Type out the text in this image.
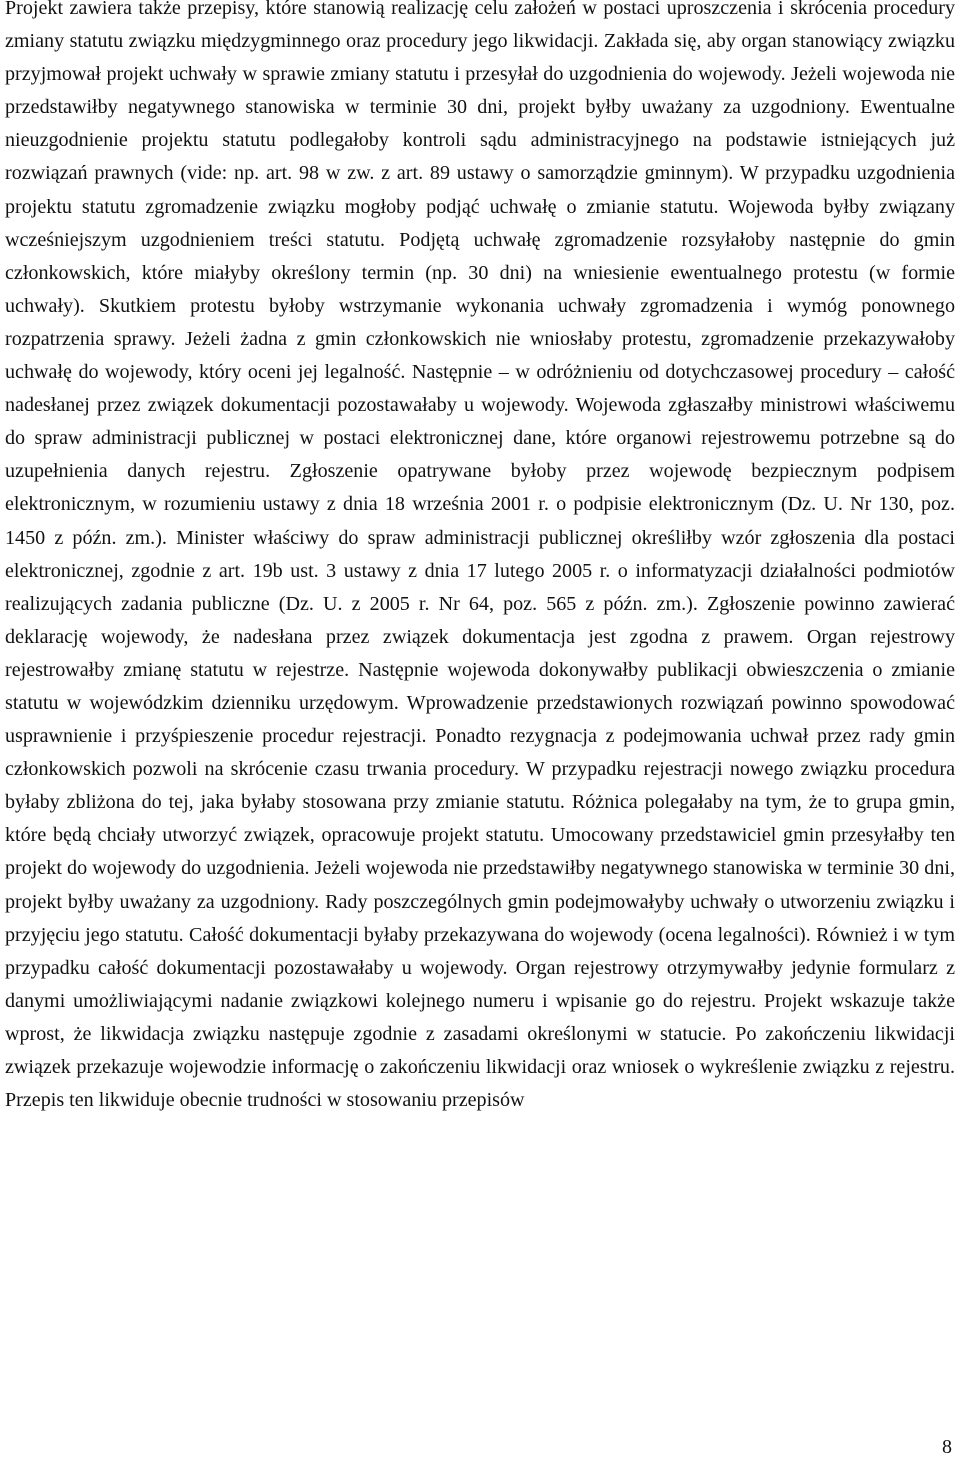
Projekt zawiera także przepisy, które stanowią realizację celu założeń w postaci uproszczenia i skrócenia procedury zmiany statutu związku międzygminnego oraz procedury jego likwidacji. Zakłada się, aby organ stanowiący związku przyjmował projekt uchwały w sprawie zmiany statutu i przesyłał do uzgodnienia do wojewody. Jeżeli wojewoda nie przedstawiłby negatywnego stanowiska w terminie 30 dni, projekt byłby uważany za uzgodniony. Ewentualne nieuzgodnienie projektu statutu podlegałoby kontroli sądu administracyjnego na podstawie istniejących już rozwiązań prawnych (vide: np. art. 98 w zw. z art. 89 ustawy o samorządzie gminnym). W przypadku uzgodnienia projektu statutu zgromadzenie związku mogłoby podjąć uchwałę o zmianie statutu. Wojewoda byłby związany wcześniejszym uzgodnieniem treści statutu. Podjętą uchwałę zgromadzenie rozsyłałoby następnie do gmin członkowskich, które miałyby określony termin (np. 30 dni) na wniesienie ewentualnego protestu (w formie uchwały). Skutkiem protestu byłoby wstrzymanie wykonania uchwały zgromadzenia i wymóg ponownego rozpatrzenia sprawy. Jeżeli żadna z gmin członkowskich nie wniosłaby protestu, zgromadzenie przekazywałoby uchwałę do wojewody, który oceni jej legalność. Następnie – w odróżnieniu od dotychczasowej procedury – całość nadesłanej przez związek dokumentacji pozostawałaby u wojewody. Wojewoda zgłaszałby ministrowi właściwemu do spraw administracji publicznej w postaci elektronicznej dane, które organowi rejestrowemu potrzebne są do uzupełnienia danych rejestru. Zgłoszenie opatrywane byłoby przez wojewodę bezpiecznym podpisem elektronicznym, w rozumieniu ustawy z dnia 18 września 2001 r. o podpisie elektronicznym (Dz. U. Nr 130, poz. 1450 z późn. zm.). Minister właściwy do spraw administracji publicznej określiłby wzór zgłoszenia dla postaci elektronicznej, zgodnie z art. 19b ust. 3 ustawy z dnia 17 lutego 2005 r. o informatyzacji działalności podmiotów realizujących zadania publiczne (Dz. U. z 2005 r. Nr 64, poz. 565 z późn. zm.). Zgłoszenie powinno zawierać deklarację wojewody, że nadesłana przez związek dokumentacja jest zgodna z prawem. Organ rejestrowy rejestrowałby zmianę statutu w rejestrze. Następnie wojewoda dokonywałby publikacji obwieszczenia o zmianie statutu w wojewódzkim dzienniku urzędowym. Wprowadzenie przedstawionych rozwiązań powinno spowodować usprawnienie i przyśpieszenie procedur rejestracji. Ponadto rezygnacja z podejmowania uchwał przez rady gmin członkowskich pozwoli na skrócenie czasu trwania procedury. W przypadku rejestracji nowego związku procedura byłaby zbliżona do tej, jaka byłaby stosowana przy zmianie statutu. Różnica polegałaby na tym, że to grupa gmin, które będą chciały utworzyć związek, opracowuje projekt statutu. Umocowany przedstawiciel gmin przesyłałby ten projekt do wojewody do uzgodnienia. Jeżeli wojewoda nie przedstawiłby negatywnego stanowiska w terminie 30 dni, projekt byłby uważany za uzgodniony. Rady poszczególnych gmin podejmowałyby uchwały o utworzeniu związku i przyjęciu jego statutu. Całość dokumentacji byłaby przekazywana do wojewody (ocena legalności). Również i w tym przypadku całość dokumentacji pozostawałaby u wojewody. Organ rejestrowy otrzymywałby jedynie formularz z danymi umożliwiającymi nadanie związkowi kolejnego numeru i wpisanie go do rejestru. Projekt wskazuje także wprost, że likwidacja związku następuje zgodnie z zasadami określonymi w statucie. Po zakończeniu likwidacji związek przekazuje wojewodzie informację o zakończeniu likwidacji oraz wniosek o wykreślenie związku z rejestru. Przepis ten likwiduje obecnie trudności w stosowaniu przepisów

8
